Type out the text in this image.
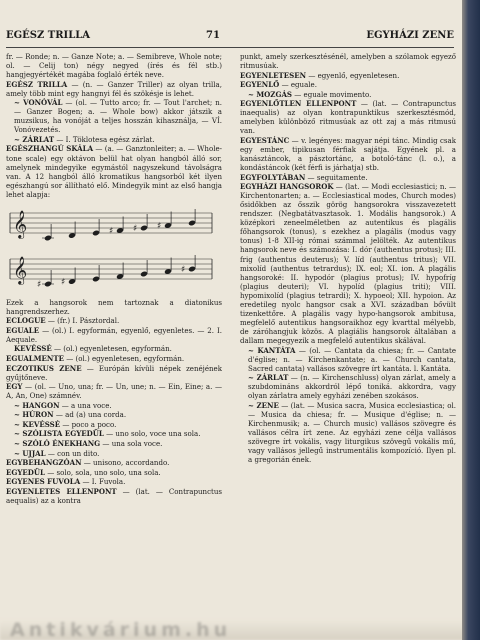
EGÉSZ TRILLA	71	EGYHÁZI ZENE
fr. — Ronde; n. — Ganze Note; a. — Semibreve, Whole note; ol. — Celij ton) négy negyed (írés és fél stb.) hangjegyértékét magába foglaló érték neve.
EGÉSZ TRILLA — (n. — Ganzer Triller) az olyan trilla, amely több mint egy hangnyi fél és szökésje is lehet.
~ VONÓVÁL — (ol. — Tutto arco; fr. — Tout l'archet; n. — Ganzer Bogen; a. — Whole bow) akkor játszik a muzsikus, ha vonóját a teljes hosszán kihasználja, — VÍ. Vonóvezetés.
~ ZÁRLAT — I. Töklotesa egész zárlat.
EGÉSZHANGÚ SKÁLA — (a. — Ganztonleiter; a. — Whole-tone scale) egy oktávon belül hat olyan hangból álló sor, amelynek mindegyike egymástól nagyszekund távolságra van. A 12 hangból álló kromatikus hangsorból két ilyen egészhangú sor állítható elő. Mindegyik mint az első hangja lehet alapja:
𝄞	♯ ♯ ♯
𝄞
♯ ♯
♯
Ezek a hangsorok nem tartoznak a diatonikus hangrendszerhez.
ECLOGUE — (fr.) I. Pásztordal.
EGUALE — (ol.) I. egyformán, egyenlő, egyenletes. — 2. I. Aequale.
KEVÉSSÉ — (ol.) egyenletesen, egyformán.
EGUALMENTE — (ol.) egyenletesen, egyformán.
ECZOTIKUS ZENE — Európán kívüli népek zenéjének gyűjtőneve.
EGY — (ol. — Uno, una; fr. — Un, une; n. — Ein, Eine; a. — A, An, One) számnév.
~ HANGON — a una voce.
~ HÚRON — ad (a) una corda.
~ KEVÉSSÉ — poco a poco.
~ SZÓLISTA EGYEDÜL — uno solo, voce una sola.
~ SZÓLÓ ÉNEKHANG — una sola voce.
~ UJJAL — con un dito.
EGYBEHANGZÓAN — unisono, accordando.
EGYEDÜL — solo, sola, uno solo, una sola.
EGYENES FUVOLA — I. Fuvola.
EGYENLETES ELLENPONT — (lat. — Contrapunctus aequalis) az a kontra
punkt, amely szerkesztésénél, amelyben a szólamok egyező ritmusúak.
EGYENLETESEN — egyenlő, egyenletesen.
EGYENLŐ — eguale.
~ MOZGÁS — eguale movimento.
EGYENLŐTLEN ELLENPONT — (lat. — Contrapunctus inaequalis) az olyan kontrapunktikus szerkesztésmód, amelyben különböző ritmusúak az ott zaj a más ritmusú van.
EGYESTÁNC — v. legényes: magyar népi tánc. Mindig csak egy ember, tipikusan férfiak sajátja. Egyének pl. a kanásztáncok, a pásztortánc, a botoló-tánc (l. o.), a kondástáncok (két férfi is járhatja) stb.
EGYFOLYTÁBAN — seguitamente.
EGYHÁZI HANGSOROK — (lat. — Modi ecclesiastici; n. — Kirchentonarten; a. — Ecclesiastical modes, Church modes) ősidőkben az ősszik görög hangsorokra visszavezetett rendszer. (Negbatátvasztasok. 1. Modális hangsorok.) A középkori zeneelméletben az autentikus és plagális főhangsorok (tonus), s ezekhez a plagális (modus vagy tonus) 1-8 XII-ig római számmal jelölték. Az autentikus hangsorok neve és számozása: I. dór (authentus protus); III. frig (authentus deuterus); V. líd (authentus tritus); VII. mixolíd (authentus tetrardus); IX. eol; XI. ion. A plagális hangsoroké: II. hypodór (plagius protus); IV. hypofríg (plagius deuteri); VI. hypolíd (plagius triti); VIII. hypomixolíd (plagius tetrardi); X. hypoeol; XII. hypoion. Az eredetileg nyolc hangsor csak a XVI. században bővült tizenkettőre. A plagális vagy hypo-hangsorok ambitusa, megfelelő autentikus hangsoraikhoz egy kvarttal mélyebb, de záróhangjuk közös. A plagiális hangsorok általában a dallam megegyezik a megfelelő autentikus skálával.
~ KANTÁTA — (ol. — Cantata da chiesa; fr. — Cantate d'église; n. — Kirchenkantate; a. — Church cantata, Sacred cantata) vallásos szövegre írt kantáta. l. Kantáta.
~ ZÁRLAT — (n. — Kirchenschluss) olyan zárlat, amely a szubdomináns akkordról lépő toniká. akkordra, vagy olyan zárlatra amely egyházi zenében szokásos.
~ ZENE — (lat. — Musica sacra, Musica ecclesiastica; ol. — Musica da chiesa; fr. — Musique d'église; n. — Kirchenmusik; a. — Church music) vallásos szövegre és vallásos célra írt zene. Az egyházi zene célja vallásos szövegre írt vokális, vagy liturgikus szövegű vokális mű, vagy vallásos jellegű instrumentális kompozíció. Ilyen pl. a gregorián ének.
Antikvárium.hu
